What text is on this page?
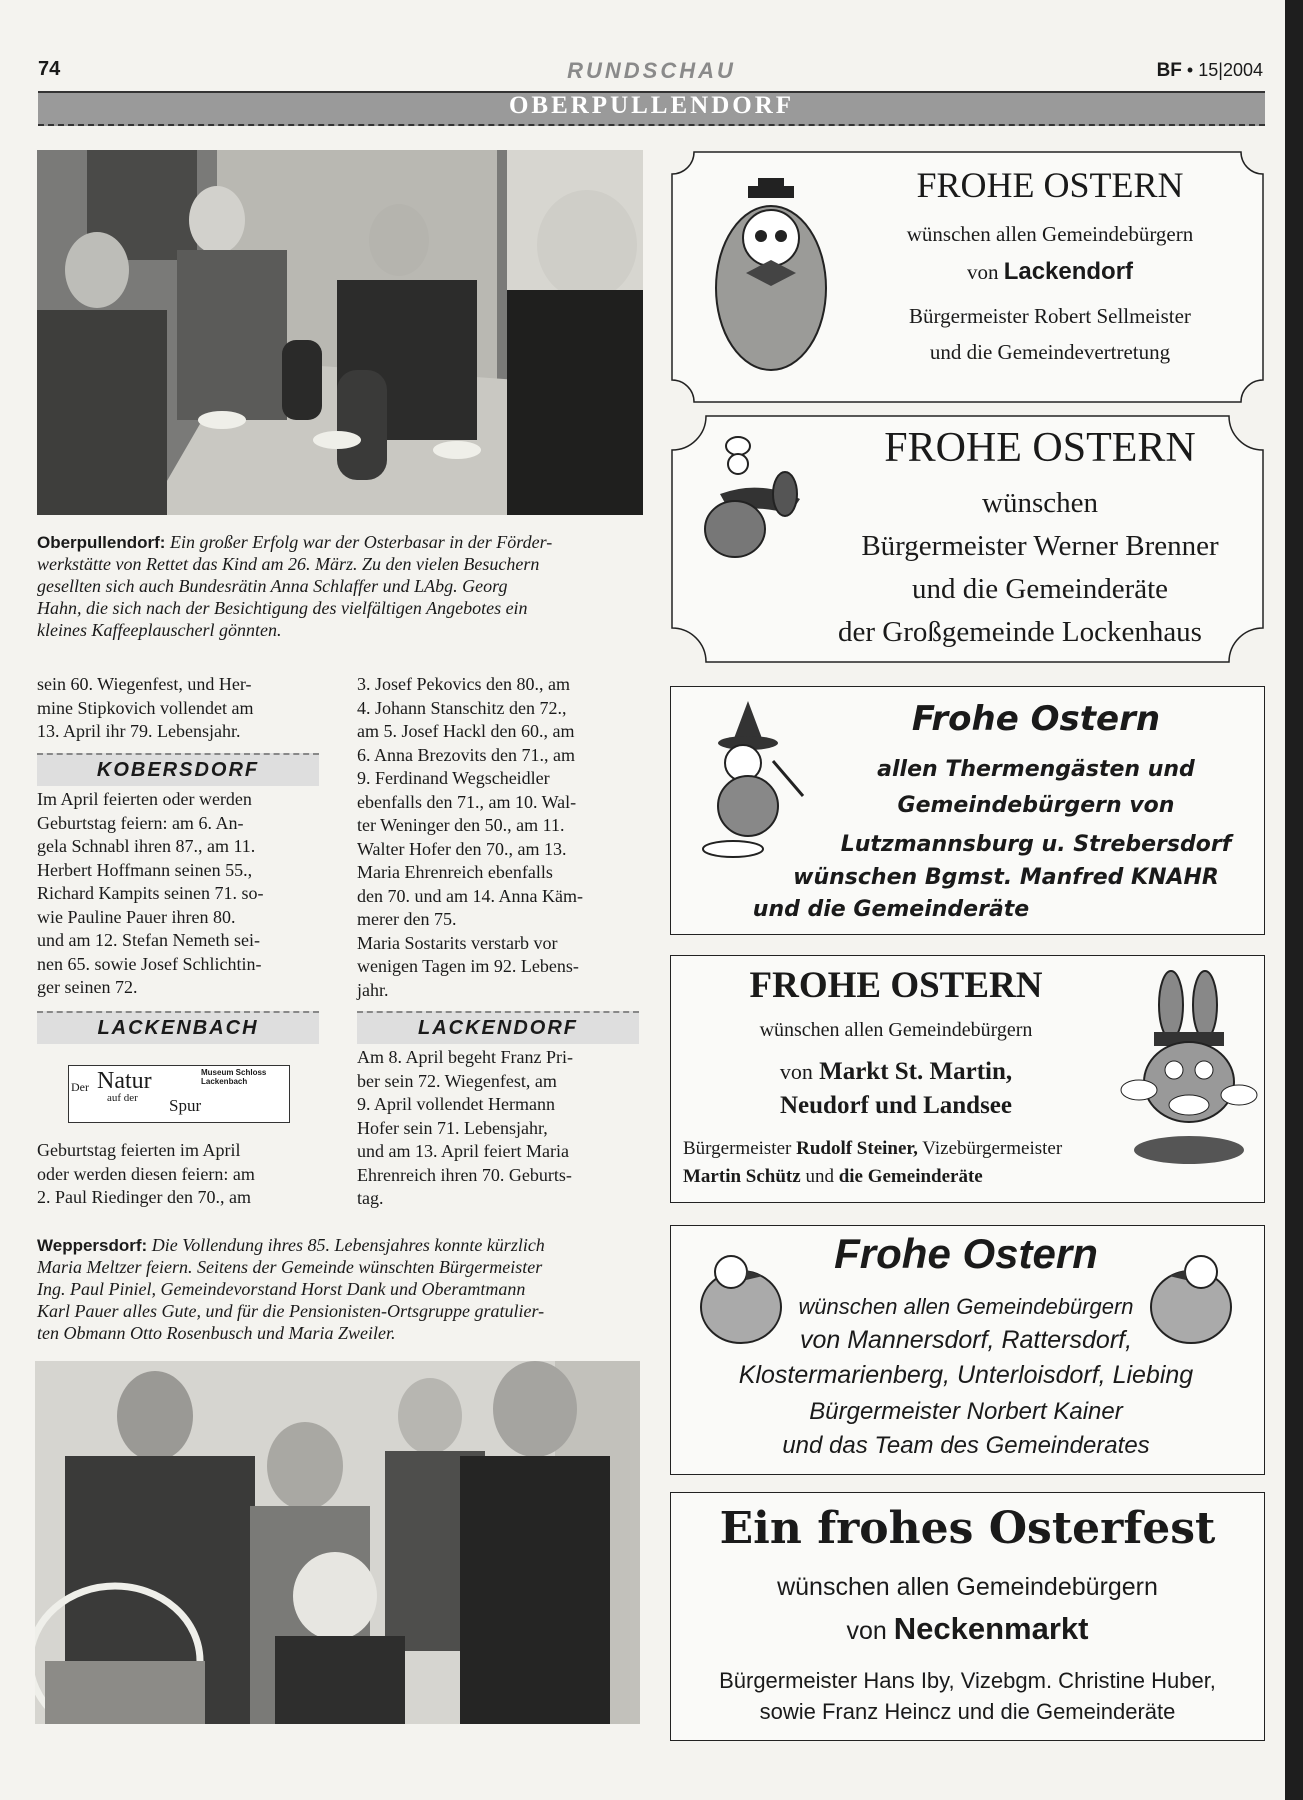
74	RUNDSCHAU	BF • 15|2004
OBERPULLENDORF
Oberpullendorf: Ein großer Erfolg war der Osterbasar in der Förder-
werkstätte von Rettet das Kind am 26. März. Zu den vielen Besuchern
gesellten sich auch Bundesrätin Anna Schlaffer und LAbg. Georg
Hahn, die sich nach der Besichtigung des vielfältigen Angebotes ein
kleines Kaffeeplauscherl gönnten.

sein 60. Wiegenfest, und Her-

mine Stipkovich vollendet am

13. April ihr 79. Lebensjahr.

KOBERSDORF

Im April feierten oder werden

Geburtstag feiern: am 6. An-

gela Schnabl ihren 87., am 11.

Herbert Hoffmann seinen 55.,

Richard Kampits seinen 71. so-

wie Pauline Pauer ihren 80.

und am 12. Stefan Nemeth sei-

nen 65. sowie Josef Schlichtin-

ger seinen 72.

LACKENBACH
Der Natur
auf der Spur
Museum Schloss Lackenbach

Geburtstag feierten im April

oder werden diesen feiern: am

2. Paul Riedinger den 70., am

3. Josef Pekovics den 80., am

4. Johann Stanschitz den 72.,

am 5. Josef Hackl den 60., am

6. Anna Brezovits den 71., am

9. Ferdinand Wegscheidler

ebenfalls den 71., am 10. Wal-

ter Weninger den 50., am 11.

Walter Hofer den 70., am 13.

Maria Ehrenreich ebenfalls

den 70. und am 14. Anna Käm-

merer den 75.

Maria Sostarits verstarb vor

wenigen Tagen im 92. Lebens-

jahr.

LACKENDORF

Am 8. April begeht Franz Pri-

ber sein 72. Wiegenfest, am

9. April vollendet Hermann

Hofer sein 71. Lebensjahr,

und am 13. April feiert Maria

Ehrenreich ihren 70. Geburts-

tag.

Weppersdorf: Die Vollendung ihres 85. Lebensjahres konnte kürzlich
Maria Meltzer feiern. Seitens der Gemeinde wünschten Bürgermeister
Ing. Paul Piniel, Gemeindevorstand Horst Dank und Oberamtmann
Karl Pauer alles Gute, und für die Pensionisten-Ortsgruppe gratulier-
ten Obmann Otto Rosenbusch und Maria Zweiler.
FROHE OSTERN
wünschen allen Gemeindebürgern
von Lackendorf
Bürgermeister Robert Sellmeister
und die Gemeindevertretung
FROHE OSTERN
wünschen
Bürgermeister Werner Brenner
und die Gemeinderäte
der Großgemeinde Lockenhaus
Frohe Ostern
allen Thermengästen und
Gemeindebürgern von
Lutzmannsburg u. Strebersdorf
wünschen Bgmst. Manfred KNAHR
und die Gemeinderäte
FROHE OSTERN
wünschen allen Gemeindebürgern
von Markt St. Martin,
Neudorf und Landsee
Bürgermeister Rudolf Steiner, Vizebürgermeister
Martin Schütz und die Gemeinderäte
Frohe Ostern
wünschen allen Gemeindebürgern
von Mannersdorf, Rattersdorf,
Klostermarienberg, Unterloisdorf, Liebing
Bürgermeister Norbert Kainer
und das Team des Gemeinderates
Ein frohes Osterfest
wünschen allen Gemeindebürgern
von Neckenmarkt
Bürgermeister Hans Iby, Vizebgm. Christine Huber,
sowie Franz Heincz und die Gemeinderäte
